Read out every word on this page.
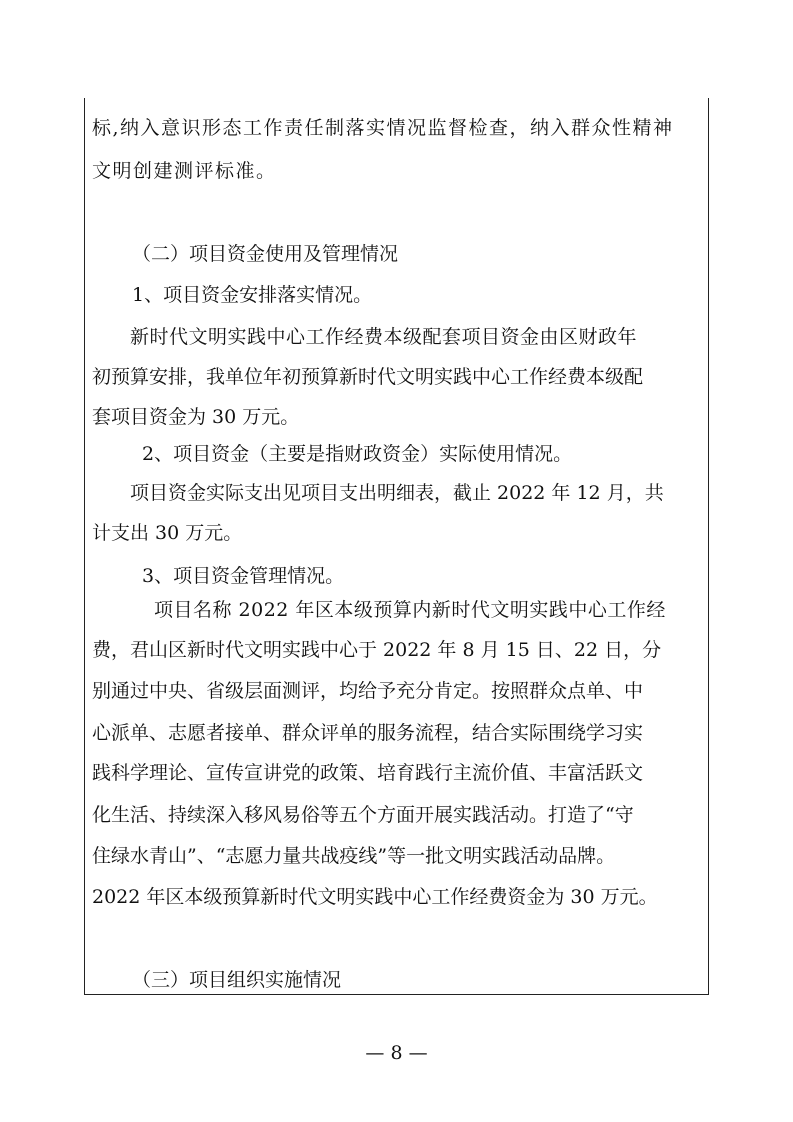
标,纳入意识形态工作责任制落实情况监督检查，纳入群众性精神
文明创建测评标准。
（二）项目资金使用及管理情况
1、项目资金安排落实情况。
新时代文明实践中心工作经费本级配套项目资金由区财政年
初预算安排，我单位年初预算新时代文明实践中心工作经费本级配
套项目资金为 30 万元。
2、项目资金（主要是指财政资金）实际使用情况。
项目资金实际支出见项目支出明细表，截止 2022 年 12 月，共
计支出 30 万元。
3、项目资金管理情况。
项目名称 2022 年区本级预算内新时代文明实践中心工作经
费，君山区新时代文明实践中心于 2022 年 8 月 15 日、22 日，分
别通过中央、省级层面测评，均给予充分肯定。按照群众点单、中
心派单、志愿者接单、群众评单的服务流程，结合实际围绕学习实
践科学理论、宣传宣讲党的政策、培育践行主流价值、丰富活跃文
化生活、持续深入移风易俗等五个方面开展实践活动。打造了“守
住绿水青山”、“志愿力量共战疫线”等一批文明实践活动品牌。
2022 年区本级预算新时代文明实践中心工作经费资金为 30 万元。
（三）项目组织实施情况
— 8 —
